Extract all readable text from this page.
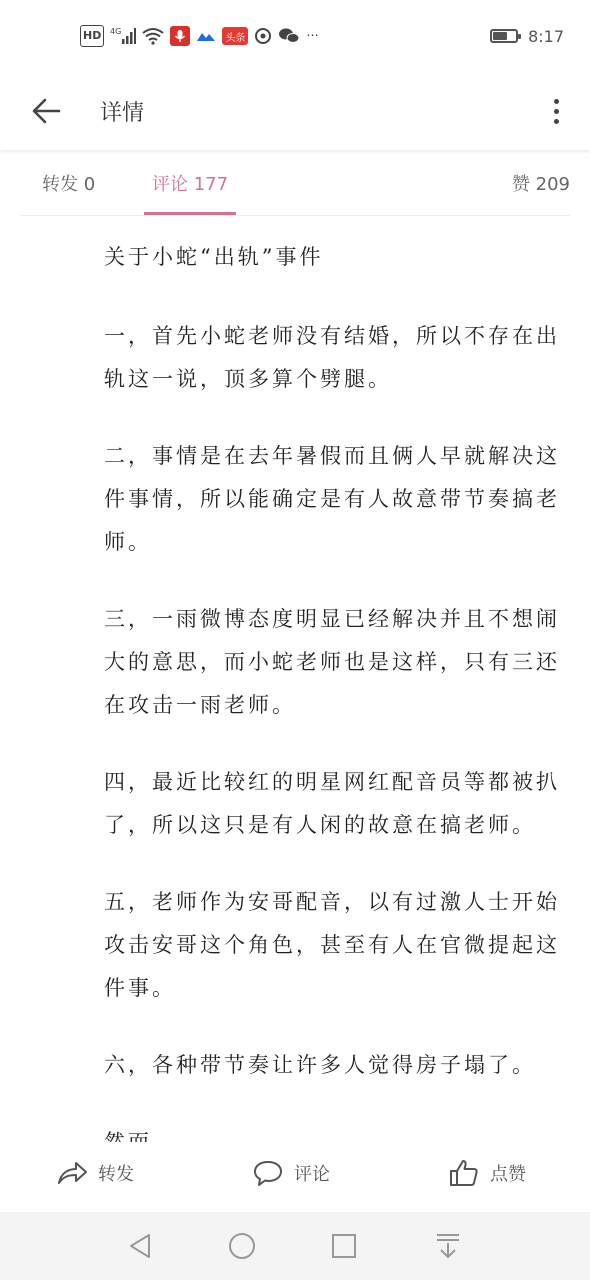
HD	4G
头条	···	8:17
详情
转发 0	评论 177	赞 209

关于小蛇“出轨”事件

一，首先小蛇老师没有结婚，所以不存在出轨这一说，顶多算个劈腿。

二，事情是在去年暑假而且俩人早就解决这件事情，所以能确定是有人故意带节奏搞老师。

三，一雨微博态度明显已经解决并且不想闹大的意思，而小蛇老师也是这样，只有三还在攻击一雨老师。

四，最近比较红的明星网红配音员等都被扒了，所以这只是有人闲的故意在搞老师。

五，老师作为安哥配音，以有过激人士开始攻击安哥这个角色，甚至有人在官微提起这件事。

六，各种带节奏让许多人觉得房子塌了。

转发	评论	点赞
